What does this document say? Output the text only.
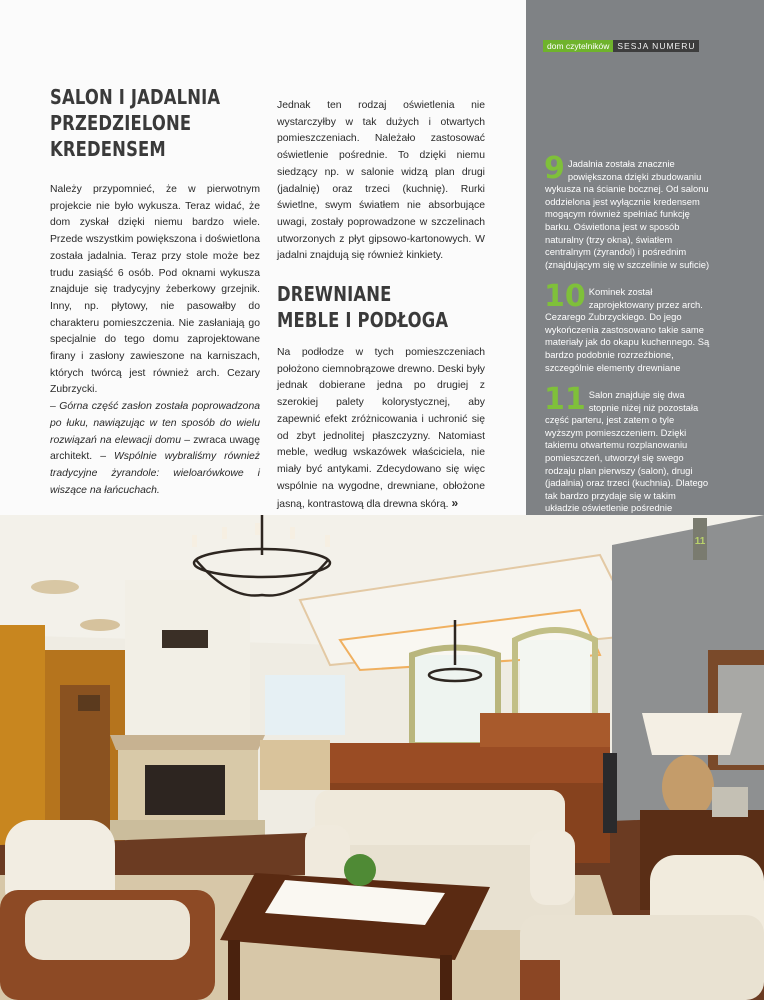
SALON I JADALNIA
PRZEDZIELONE
KREDENSEM

Należy przypomnieć, że w pierwotnym projekcie nie było wykusza. Teraz widać, że dom zyskał dzięki niemu bardzo wiele. Przede wszystkim powiększona i doświetlona została jadalnia. Teraz przy stole może bez trudu zasiąść 6 osób. Pod oknami wykusza znajduje się tradycyjny żeberkowy grzejnik. Inny, np. płytowy, nie pasowałby do charakteru pomieszczenia. Nie zasłaniają go specjalnie do tego domu zaprojektowane firany i zasłony zawieszone na karniszach, których twórcą jest również arch. Cezary Zubrzycki.

– Górna część zasłon została poprowadzona po łuku, nawiązując w ten sposób do wielu rozwiązań na elewacji domu – zwraca uwagę architekt. – Wspólnie wybraliśmy również tradycyjne żyrandole: wieloarówkowe i wiszące na łańcuchach.

Jednak ten rodzaj oświetlenia nie wystarczyłby w tak dużych i otwartych pomieszczeniach. Należało zastosować oświetlenie pośrednie. To dzięki niemu siedzący np. w salonie widzą plan drugi (jadalnię) oraz trzeci (kuchnię). Rurki świetlne, swym światłem nie absorbujące uwagi, zostały poprowadzone w szczelinach utworzonych z płyt gipsowo-kartonowych. W jadalni znajdują się również kinkiety.

DREWNIANE
MEBLE I PODŁOGA

Na podłodze w tych pomieszczeniach położono ciemnobrązowe drewno. Deski były jednak dobierane jedna po drugiej z szerokiej palety kolorystycznej, aby zapewnić efekt zróżnicowania i uchronić się od zbyt jednolitej płaszczyzny. Natomiast meble, według wskazówek właściciela, nie miały być antykami. Zdecydowano się więc wspólnie na wygodne, drewniane, obłożone jasną, kontrastową dla drewna skórą. »

dom czytelników SESJA NUMERU
9 Jadalnia została znacznie powiększona dzięki zbudowaniu wykusza na ścianie bocznej. Od salonu oddzielona jest wyłącznie kredensem mogącym również spełniać funkcję barku. Oświetlona jest w sposób naturalny (trzy okna), światłem centralnym (żyrandol) i pośrednim (znajdującym się w szczelinie w suficie)
10 Kominek został zaprojektowany przez arch. Cezarego Zubrzyckiego. Do jego wykończenia zastosowano takie same materiały jak do okapu kuchennego. Są bardzo podobnie rozrzeźbione, szczególnie elementy drewniane
11 Salon znajduje się dwa stopnie niżej niż pozostała część parteru, jest zatem o tyle wyższym pomieszczeniem. Dzięki takiemu otwartemu rozplanowaniu pomieszczeń, utworzył się swego rodzaju plan pierwszy (salon), drugi (jadalnia) oraz trzeci (kuchnia). Dlatego tak bardzo przydaje się w takim układzie oświetlenie pośrednie
11
